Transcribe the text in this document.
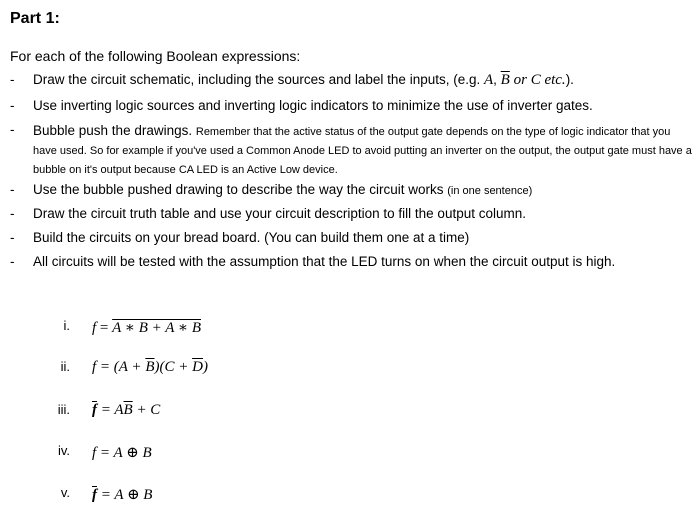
Part 1:
For each of the following Boolean expressions:
- Draw the circuit schematic, including the sources and label the inputs, (e.g. A, $\overline{B}$ or C etc.).
- Use inverting logic sources and inverting logic indicators to minimize the use of inverter gates.
- Bubble push the drawings. Remember that the active status of the output gate depends on the type of logic indicator that you have used. So for example if you've used a Common Anode LED to avoid putting an inverter on the output, the output gate must have a bubble on it's output because CA LED is an Active Low device.
- Use the bubble pushed drawing to describe the way the circuit works (in one sentence)
- Draw the circuit truth table and use your circuit description to fill the output column.
- Build the circuits on your bread board. (You can build them one at a time)
- All circuits will be tested with the assumption that the LED turns on when the circuit output is high.
i. f = A ∗ B + A ∗ B
ii. $f = (A + \overline{B})(C + \overline{D})$
iii. $\overline{f} = A\overline{B} + C$
iv. f = A ⊕ B
v. $\overline{f} = A$ ⊕ B
